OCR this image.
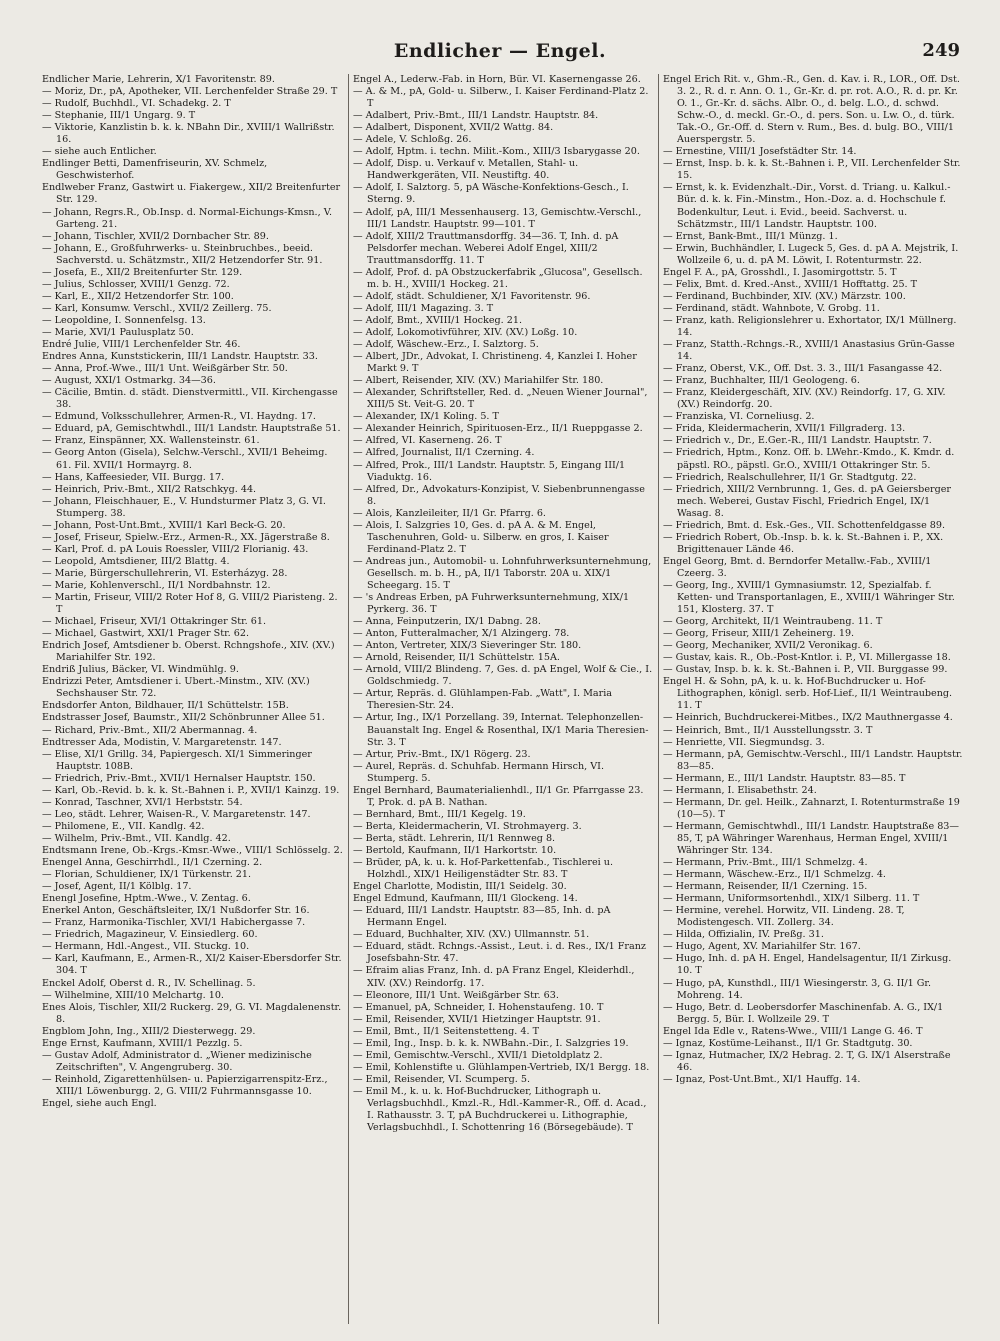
Endlicher — Engel.	249

Endlicher Marie, Lehrerin, X/1 Favoritenstr. 89.

— Moriz, Dr., pA, Apotheker, VII. Lerchenfelder Straße 29. T

— Rudolf, Buchhdl., VI. Schadekg. 2. T

— Stephanie, III/1 Ungarg. 9. T

— Viktorie, Kanzlistin b. k. k. NBahn Dir., XVIII/1 Wallrißstr. 16.

— siehe auch Entlicher.

Endlinger Betti, Damenfriseurin, XV. Schmelz, Geschwisterhof.

Endlweber Franz, Gastwirt u. Fiakergew., XII/2 Breitenfurter Str. 129.

— Johann, Regrs.R., Ob.Insp. d. Normal-Eichungs-Kmsn., V. Garteng. 21.

— Johann, Tischler, XVII/2 Dornbacher Str. 89.

— Johann, E., Großfuhrwerks- u. Steinbruchbes., beeid. Sachverstd. u. Schätzmstr., XII/2 Hetzendorfer Str. 91.

— Josefa, E., XII/2 Breitenfurter Str. 129.

— Julius, Schlosser, XVIII/1 Genzg. 72.

— Karl, E., XII/2 Hetzendorfer Str. 100.

— Karl, Konsumw. Verschl., XVII/2 Zeillerg. 75.

— Leopoldine, I. Sonnenfelsg. 13.

— Marie, XVI/1 Paulusplatz 50.

Endré Julie, VIII/1 Lerchenfelder Str. 46.

Endres Anna, Kunststickerin, III/1 Landstr. Hauptstr. 33.

— Anna, Prof.-Wwe., III/1 Unt. Weißgärber Str. 50.

— August, XXI/1 Ostmarkg. 34—36.

— Cäcilie, Bmtin. d. städt. Dienstvermittl., VII. Kirchengasse 38.

— Edmund, Volksschullehrer, Armen-R., VI. Haydng. 17.

— Eduard, pA, Gemischtwhdl., III/1 Landstr. Hauptstraße 51.

— Franz, Einspänner, XX. Wallensteinstr. 61.

— Georg Anton (Gisela), Selchw.-Verschl., XVII/1 Beheimg. 61. Fil. XVII/1 Hormayrg. 8.

— Hans, Kaffeesieder, VII. Burgg. 17.

— Heinrich, Priv.-Bmt., XII/2 Ratschkyg. 44.

— Johann, Fleischhauer, E., V. Hundsturmer Platz 3, G. VI. Stumperg. 38.

— Johann, Post-Unt.Bmt., XVIII/1 Karl Beck-G. 20.

— Josef, Friseur, Spielw.-Erz., Armen-R., XX. Jägerstraße 8.

— Karl, Prof. d. pA Louis Roessler, VIII/2 Florianig. 43.

— Leopold, Amtsdiener, III/2 Blattg. 4.

— Marie, Bürgerschullehrerin, VI. Esterházyg. 28.

— Marie, Kohlenverschl., II/1 Nordbahnstr. 12.

— Martin, Friseur, VIII/2 Roter Hof 8, G. VIII/2 Piaristeng. 2. T

— Michael, Friseur, XVI/1 Ottakringer Str. 61.

— Michael, Gastwirt, XXI/1 Prager Str. 62.

Endrich Josef, Amtsdiener b. Oberst. Rchngshofe., XIV. (XV.) Mariahilfer Str. 192.

Endriß Julius, Bäcker, VI. Windmühlg. 9.

Endrizzi Peter, Amtsdiener i. Ubert.-Minstm., XIV. (XV.) Sechshauser Str. 72.

Endsdorfer Anton, Bildhauer, II/1 Schüttelstr. 15B.

Endstrasser Josef, Baumstr., XII/2 Schönbrunner Allee 51.

— Richard, Priv.-Bmt., XII/2 Abermannag. 4.

Endtresser Ada, Modistin, V. Margaretenstr. 147.

— Elise, XI/1 Grillg. 34, Papiergesch. XI/1 Simmeringer Hauptstr. 108B.

— Friedrich, Priv.-Bmt., XVII/1 Hernalser Hauptstr. 150.

— Karl, Ob.-Revid. b. k. k. St.-Bahnen i. P., XVII/1 Kainzg. 19.

— Konrad, Taschner, XVI/1 Herbststr. 54.

— Leo, städt. Lehrer, Waisen-R., V. Margaretenstr. 147.

— Philomene, E., VII. Kandlg. 42.

— Wilhelm, Priv.-Bmt., VII. Kandlg. 42.

Endtsmann Irene, Ob.-Krgs.-Kmsr.-Wwe., VIII/1 Schlösselg. 2.

Enengel Anna, Geschirrhdl., II/1 Czerning. 2.

— Florian, Schuldiener, IX/1 Türkenstr. 21.

— Josef, Agent, II/1 Kölblg. 17.

Enengl Josefine, Hptm.-Wwe., V. Zentag. 6.

Enerkel Anton, Geschäftsleiter, IX/1 Nußdorfer Str. 16.

— Franz, Harmonika-Tischler, XVI/1 Habichergasse 7.

— Friedrich, Magazineur, V. Einsiedlerg. 60.

— Hermann, Hdl.-Angest., VII. Stuckg. 10.

— Karl, Kaufmann, E., Armen-R., XI/2 Kaiser-Ebersdorfer Str. 304. T

Enckel Adolf, Oberst d. R., IV. Schellinag. 5.

— Wilhelmine, XIII/10 Melchartg. 10.

Enes Alois, Tischler, XII/2 Ruckerg. 29, G. VI. Magdalenenstr. 8.

Engblom John, Ing., XIII/2 Diesterwegg. 29.

Enge Ernst, Kaufmann, XVIII/1 Pezzlg. 5.

— Gustav Adolf, Administrator d. „Wiener medizinische Zeitschriften", V. Angengruberg. 30.

— Reinhold, Zigarettenhülsen- u. Papierzigarrenspitz-Erz., XIII/1 Löwenburgg. 2, G. VIII/2 Fuhrmannsgasse 10.

Engel, siehe auch Engl.

Engel A., Lederw.-Fab. in Horn, Bür. VI. Kasernengasse 26.

— A. & M., pA, Gold- u. Silberw., I. Kaiser Ferdinand-Platz 2. T

— Adalbert, Priv.-Bmt., III/1 Landstr. Hauptstr. 84.

— Adalbert, Disponent, XVII/2 Wattg. 84.

— Adele, V. Schloßg. 26.

— Adolf, Hptm. i. techn. Milit.-Kom., XIII/3 Isbarygasse 20.

— Adolf, Disp. u. Verkauf v. Metallen, Stahl- u. Handwerkgeräten, VII. Neustiftg. 40.

— Adolf, I. Salztorg. 5, pA Wäsche-Konfektions-Gesch., I. Sterng. 9.

— Adolf, pA, III/1 Messenhauserg. 13, Gemischtw.-Verschl., III/1 Landstr. Hauptstr. 99—101. T

— Adolf, XIII/2 Trauttmansdorffg. 34—36. T, Inh. d. pA Pelsdorfer mechan. Weberei Adolf Engel, XIII/2 Trauttmansdorffg. 11. T

— Adolf, Prof. d. pA Obstzuckerfabrik „Glucosa", Gesellsch. m. b. H., XVIII/1 Hockeg. 21.

— Adolf, städt. Schuldiener, X/1 Favoritenstr. 96.

— Adolf, III/1 Magazing. 3. T

— Adolf, Bmt., XVIII/1 Hockeg. 21.

— Adolf, Lokomotivführer, XIV. (XV.) Loßg. 10.

— Adolf, Wäschew.-Erz., I. Salztorg. 5.

— Albert, JDr., Advokat, I. Christineng. 4, Kanzlei I. Hoher Markt 9. T

— Albert, Reisender, XIV. (XV.) Mariahilfer Str. 180.

— Alexander, Schriftsteller, Red. d. „Neuen Wiener Journal", XIII/5 St. Veit-G. 20. T

— Alexander, IX/1 Koling. 5. T

— Alexander Heinrich, Spirituosen-Erz., II/1 Rueppgasse 2.

— Alfred, VI. Kaserneng. 26. T

— Alfred, Journalist, II/1 Czerning. 4.

— Alfred, Prok., III/1 Landstr. Hauptstr. 5, Eingang III/1 Viaduktg. 16.

— Alfred, Dr., Advokaturs-Konzipist, V. Siebenbrunnengasse 8.

— Alois, Kanzleileiter, II/1 Gr. Pfarrg. 6.

— Alois, I. Salzgries 10, Ges. d. pA A. & M. Engel, Taschenuhren, Gold- u. Silberw. en gros, I. Kaiser Ferdinand-Platz 2. T

— Andreas jun., Automobil- u. Lohnfuhrwerksunternehmung, Gesellsch. m. b. H., pA, II/1 Taborstr. 20A u. XIX/1 Scheegarg. 15. T

— 's Andreas Erben, pA Fuhrwerksunternehmung, XIX/1 Pyrkerg. 36. T

— Anna, Feinputzerin, IX/1 Dabng. 28.

— Anton, Futteralmacher, X/1 Alzingerg. 78.

— Anton, Vertreter, XIX/3 Sieveringer Str. 180.

— Arnold, Reisender, II/1 Schüttelstr. 15A.

— Arnold, VIII/2 Blindeng. 7, Ges. d. pA Engel, Wolf & Cie., I. Goldschmiedg. 7.

— Artur, Repräs. d. Glühlampen-Fab. „Watt", I. Maria Theresien-Str. 24.

— Artur, Ing., IX/1 Porzellang. 39, Internat. Telephonzellen-Bauanstalt Ing. Engel & Rosenthal, IX/1 Maria Theresien-Str. 3. T

— Artur, Priv.-Bmt., IX/1 Rögerg. 23.

— Aurel, Repräs. d. Schuhfab. Hermann Hirsch, VI. Stumperg. 5.

Engel Bernhard, Baumaterialienhdl., II/1 Gr. Pfarrgasse 23. T, Prok. d. pA B. Nathan.

— Bernhard, Bmt., III/1 Kegelg. 19.

— Berta, Kleidermacherin, VI. Strohmayerg. 3.

— Berta, städt. Lehrerin, II/1 Rennweg 8.

— Bertold, Kaufmann, II/1 Harkortstr. 10.

— Brüder, pA, k. u. k. Hof-Parkettenfab., Tischlerei u. Holzhdl., XIX/1 Heiligenstädter Str. 83. T

Engel Charlotte, Modistin, III/1 Seidelg. 30.

Engel Edmund, Kaufmann, III/1 Glockeng. 14.

— Eduard, III/1 Landstr. Hauptstr. 83—85, Inh. d. pA Hermann Engel.

— Eduard, Buchhalter, XIV. (XV.) Ullmannstr. 51.

— Eduard, städt. Rchngs.-Assist., Leut. i. d. Res., IX/1 Franz Josefsbahn-Str. 47.

— Efraim alias Franz, Inh. d. pA Franz Engel, Kleiderhdl., XIV. (XV.) Reindorfg. 17.

— Eleonore, III/1 Unt. Weißgärber Str. 63.

— Emanuel, pA, Schneider, I. Hohenstaufeng. 10. T

— Emil, Reisender, XVII/1 Hietzinger Hauptstr. 91.

— Emil, Bmt., II/1 Seitenstetteng. 4. T

— Emil, Ing., Insp. b. k. k. NWBahn.-Dir., I. Salzgries 19.

— Emil, Gemischtw.-Verschl., XVII/1 Dietoldplatz 2.

— Emil, Kohlenstifte u. Glühlampen-Vertrieb, IX/1 Bergg. 18.

— Emil, Reisender, VI. Scumperg. 5.

— Emil M., k. u. k. Hof-Buchdrucker, Lithograph u. Verlagsbuchhdl., Kmzl.-R., Hdl.-Kammer-R., Off. d. Acad., I. Rathausstr. 3. T, pA Buchdruckerei u. Lithographie, Verlagsbuchhdl., I. Schottenring 16 (Börsegebäude). T

Engel Erich Rit. v., Ghm.-R., Gen. d. Kav. i. R., LOR., Off. Dst. 3. 2., R. d. r. Ann. O. 1., Gr.-Kr. d. pr. rot. A.O., R. d. pr. Kr. O. 1., Gr.-Kr. d. sächs. Albr. O., d. belg. L.O., d. schwd. Schw.-O., d. meckl. Gr.-O., d. pers. Son. u. Lw. O., d. türk. Tak.-O., Gr.-Off. d. Stern v. Rum., Bes. d. bulg. BO., VIII/1 Auerspergstr. 5.

— Ernestine, VIII/1 Josefstädter Str. 14.

— Ernst, Insp. b. k. k. St.-Bahnen i. P., VII. Lerchenfelder Str. 15.

— Ernst, k. k. Evidenzhalt.-Dir., Vorst. d. Triang. u. Kalkul.-Bür. d. k. k. Fin.-Minstm., Hon.-Doz. a. d. Hochschule f. Bodenkultur, Leut. i. Evid., beeid. Sachverst. u. Schätzmstr., III/1 Landstr. Hauptstr. 100.

— Ernst, Bank-Bmt., III/1 Münzg. 1.

— Erwin, Buchhändler, I. Lugeck 5, Ges. d. pA A. Mejstrik, I. Wollzeile 6, u. d. pA M. Löwit, I. Rotenturmstr. 22.

Engel F. A., pA, Grosshdl., I. Jasomirgottstr. 5. T

— Felix, Bmt. d. Kred.-Anst., XVIII/1 Hofftattg. 25. T

— Ferdinand, Buchbinder, XIV. (XV.) Märzstr. 100.

— Ferdinand, städt. Wahnbote, V. Grobg. 11.

— Franz, kath. Religionslehrer u. Exhortator, IX/1 Müllnerg. 14.

— Franz, Statth.-Rchngs.-R., XVIII/1 Anastasius Grün-Gasse 14.

— Franz, Oberst, V.K., Off. Dst. 3. 3., III/1 Fasangasse 42.

— Franz, Buchhalter, III/1 Geologeng. 6.

— Franz, Kleidergeschäft, XIV. (XV.) Reindorfg. 17, G. XIV. (XV.) Reindorfg. 20.

— Franziska, VI. Corneliusg. 2.

— Frida, Kleidermacherin, XVII/1 Fillgraderg. 13.

— Friedrich v., Dr., E.Ger.-R., III/1 Landstr. Hauptstr. 7.

— Friedrich, Hptm., Konz. Off. b. LWehr.-Kmdo., K. Kmdr. d. päpstl. RO., päpstl. Gr.O., XVIII/1 Ottakringer Str. 5.

— Friedrich, Realschullehrer, II/1 Gr. Stadtgutg. 22.

— Friedrich, XIII/2 Vernbrunng. 1, Ges. d. pA Geiersberger mech. Weberei, Gustav Fischl, Friedrich Engel, IX/1 Wasag. 8.

— Friedrich, Bmt. d. Esk.-Ges., VII. Schottenfeldgasse 89.

— Friedrich Robert, Ob.-Insp. b. k. k. St.-Bahnen i. P., XX. Brigittenauer Lände 46.

Engel Georg, Bmt. d. Berndorfer Metallw.-Fab., XVIII/1 Czeerg. 3.

— Georg, Ing., XVIII/1 Gymnasiumstr. 12, Spezialfab. f. Ketten- und Transportanlagen, E., XVIII/1 Währinger Str. 151, Klosterg. 37. T

— Georg, Architekt, II/1 Weintraubeng. 11. T

— Georg, Friseur, XIII/1 Zeheinerg. 19.

— Georg, Mechaniker, XVII/2 Veronikag. 6.

— Gustav, kais. R., Ob.-Post-Kntlor. i. P., VI. Millergasse 18.

— Gustav, Insp. b. k. k. St.-Bahnen i. P., VII. Burggasse 99.

Engel H. & Sohn, pA, k. u. k. Hof-Buchdrucker u. Hof-Lithographen, königl. serb. Hof-Lief., II/1 Weintraubeng. 11. T

— Heinrich, Buchdruckerei-Mitbes., IX/2 Mauthnergasse 4.

— Heinrich, Bmt., II/1 Ausstellungsstr. 3. T

— Henriette, VII. Siegmundsg. 3.

— Hermann, pA, Gemischtw.-Verschl., III/1 Landstr. Hauptstr. 83—85.

— Hermann, E., III/1 Landstr. Hauptstr. 83—85. T

— Hermann, I. Elisabethstr. 24.

— Hermann, Dr. gel. Heilk., Zahnarzt, I. Rotenturmstraße 19 (10—5). T

— Hermann, Gemischtwhdl., III/1 Landstr. Hauptstraße 83—85, T, pA Währinger Warenhaus, Herman Engel, XVIII/1 Währinger Str. 134.

— Hermann, Priv.-Bmt., III/1 Schmelzg. 4.

— Hermann, Wäschew.-Erz., II/1 Schmelzg. 4.

— Hermann, Reisender, II/1 Czerning. 15.

— Hermann, Uniformsortenhdl., XIX/1 Silberg. 11. T

— Hermine, verehel. Horwitz, VII. Lindeng. 28. T, Modistengesch. VII. Zollerg. 34.

— Hilda, Offizialin, IV. Preßg. 31.

— Hugo, Agent, XV. Mariahilfer Str. 167.

— Hugo, Inh. d. pA H. Engel, Handelsagentur, II/1 Zirkusg. 10. T

— Hugo, pA, Kunsthdl., III/1 Wiesingerstr. 3, G. II/1 Gr. Mohreng. 14.

— Hugo, Betr. d. Leobersdorfer Maschinenfab. A. G., IX/1 Bergg. 5, Bür. I. Wollzeile 29. T

Engel Ida Edle v., Ratens-Wwe., VIII/1 Lange G. 46. T

— Ignaz, Kostüme-Leihanst., II/1 Gr. Stadtgutg. 30.

— Ignaz, Hutmacher, IX/2 Hebrag. 2. T, G. IX/1 Alserstraße 46.

— Ignaz, Post-Unt.Bmt., XI/1 Hauffg. 14.
